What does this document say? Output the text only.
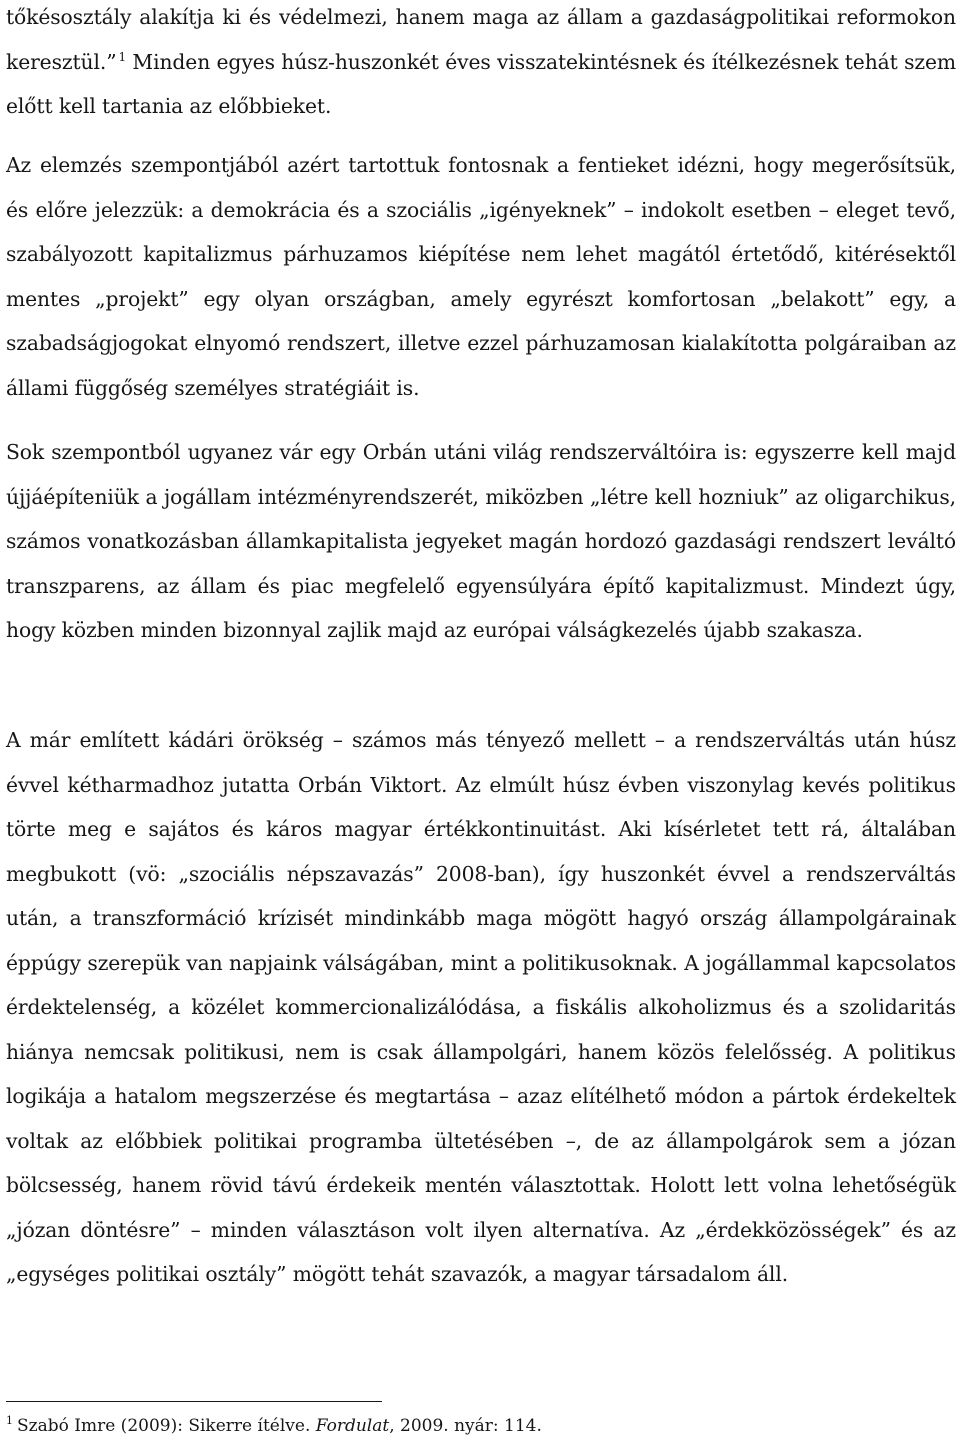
tőkésosztály alakítja ki és védelmezi, hanem maga az állam a gazdaságpolitikai reformokon keresztül.” $^1$ Minden egyes húsz-huszonkét éves visszatekintésnek és ítélkezésnek tehát szem előtt kell tartania az előbbieket.

Az elemzés szempontjából azért tartottuk fontosnak a fentieket idézni, hogy megerősítsük, és előre jelezzük: a demokrácia és a szociális „igényeknek” – indokolt esetben – eleget tevő, szabályozott kapitalizmus párhuzamos kiépítése nem lehet magától értetődő, kitérésektől mentes „projekt” egy olyan országban, amely egyrészt komfortosan „belakott” egy, a szabadságjogokat elnyomó rendszert, illetve ezzel párhuzamosan kialakította polgáraiban az állami függőség személyes stratégiáit is.

Sok szempontból ugyanez vár egy Orbán utáni világ rendszerváltóira is: egyszerre kell majd újjáépíteniük a jogállam intézményrendszerét, miközben „létre kell hozniuk” az oligarchikus, számos vonatkozásban államkapitalista jegyeket magán hordozó gazdasági rendszert leváltó transzparens, az állam és piac megfelelő egyensúlyára építő kapitalizmust. Mindezt úgy, hogy közben minden bizonnyal zajlik majd az európai válságkezelés újabb szakasza.

A már említett kádári örökség – számos más tényező mellett – a rendszerváltás után húsz évvel kétharmadhoz jutatta Orbán Viktort. Az elmúlt húsz évben viszonylag kevés politikus törte meg e sajátos és káros magyar értékkontinuitást. Aki kísérletet tett rá, általában megbukott (vö: „szociális népszavazás” 2008-ban), így huszonkét évvel a rendszerváltás után, a transzformáció krízisét mindinkább maga mögött hagyó ország állampolgárainak éppúgy szerepük van napjaink válságában, mint a politikusoknak. A jogállammal kapcsolatos érdektelenség, a közélet kommercionalizálódása, a fiskális alkoholizmus és a szolidaritás hiánya nemcsak politikusi, nem is csak állampolgári, hanem közös felelősség. A politikus logikája a hatalom megszerzése és megtartása – azaz elítélhető módon a pártok érdekeltek voltak az előbbiek politikai programba ültetésében –, de az állampolgárok sem a józan bölcsesség, hanem rövid távú érdekeik mentén választottak. Holott lett volna lehetőségük „józan döntésre” – minden választáson volt ilyen alternatíva. Az „érdekközösségek” és az „egységes politikai osztály” mögött tehát szavazók, a magyar társadalom áll.

$^1$ Szabó Imre (2009): Sikerre ítélve. Fordulat, 2009. nyár: 114.
